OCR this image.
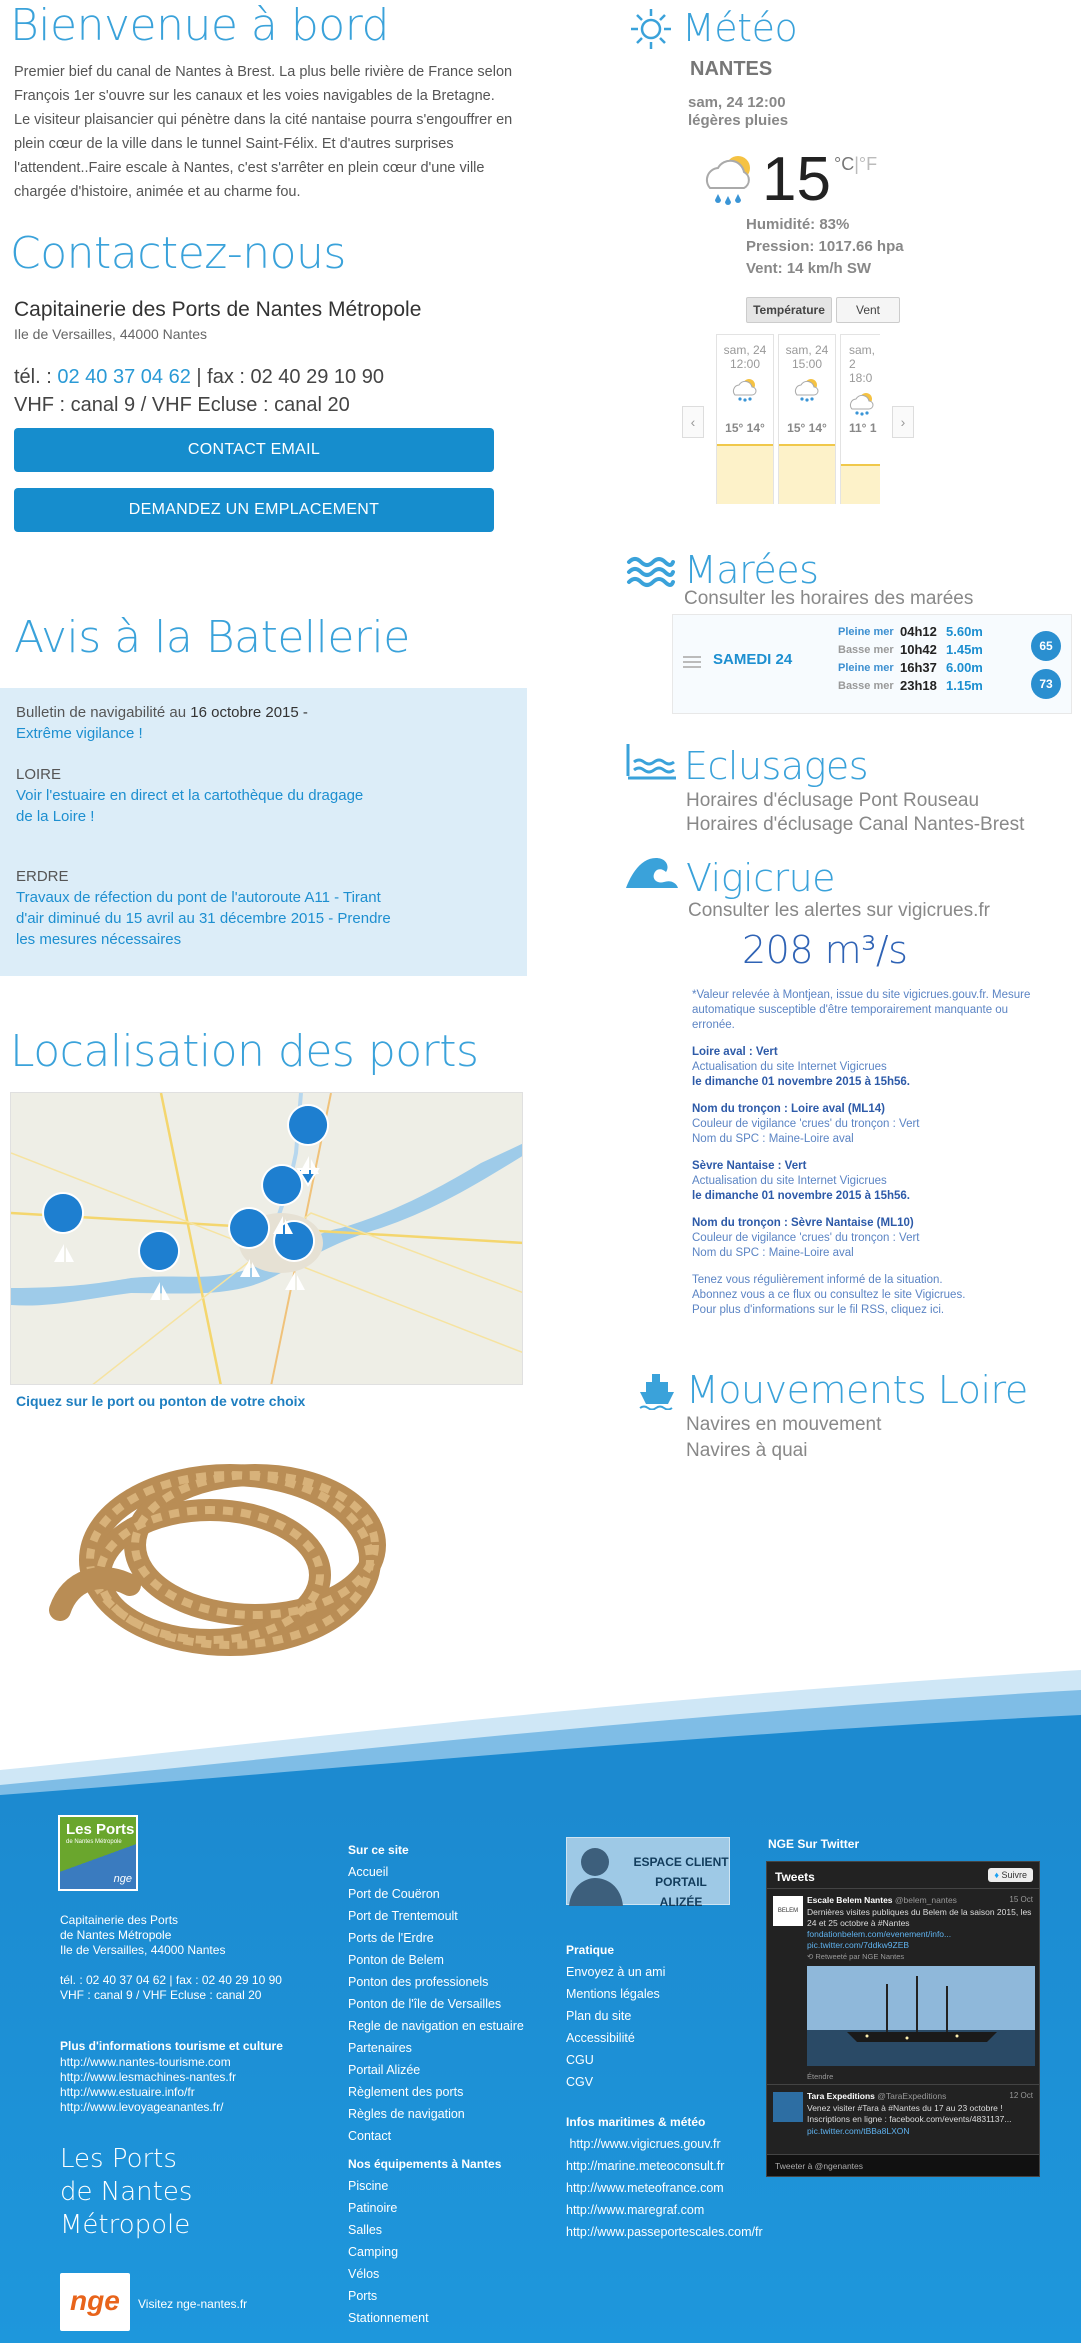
Bienvenue à bord
Premier bief du canal de Nantes à Brest. La plus belle rivière de France selon François 1er s'ouvre sur les canaux et les voies navigables de la Bretagne. Le visiteur plaisancier qui pénètre dans la cité nantaise pourra s'engouffrer en plein cœur de la ville dans le tunnel Saint-Félix. Et d'autres surprises l'attendent..Faire escale à Nantes, c'est s'arrêter en plein cœur d'une ville chargée d'histoire, animée et au charme fou.
Contactez-nous
Capitainerie des Ports de Nantes Métropole
Ile de Versailles, 44000 Nantes
tél. : 02 40 37 04 62 | fax : 02 40 29 10 90
VHF : canal 9 / VHF Ecluse : canal 20
CONTACT EMAIL
DEMANDEZ UN EMPLACEMENT
Avis à la Batellerie
Bulletin de navigabilité au 16 octobre 2015 -
Extrême vigilance !
LOIRE
Voir l'estuaire en direct et la cartothèque du dragage de la Loire !
ERDRE
Travaux de réfection du pont de l'autoroute A11 - Tirant d'air diminué du 15 avril au 31 décembre 2015 - Prendre les mesures nécessaires
Localisation des ports
Ciquez sur le port ou ponton de votre choix
fotolia
Météo
NANTES
sam, 24 12:00
légères pluies
15 °C|°F
Humidité: 83%
Pression: 1017.66 hpa
Vent: 14 km/h SW
Température	Vent
‹	›
sam, 24
12:00
15° 14°
sam, 24
15:00
15° 14°
sam, 2
18:0
11° 1
Marées
Consulter les horaires des marées
SAMEDI 24
Pleine mer 04h12 5.60m
Basse mer 10h42 1.45m
Pleine mer 16h37 6.00m
Basse mer 23h18 1.15m
65
73
Eclusages
Horaires d'éclusage Pont Rouseau
Horaires d'éclusage Canal Nantes-Brest
Vigicrue
Consulter les alertes sur vigicrues.fr
208 m³/s

*Valeur relevée à Montjean, issue du site vigicrues.gouv.fr. Mesure automatique susceptible d'être temporairement manquante ou erronée.

Loire aval : Vert
Actualisation du site Internet Vigicrues
le dimanche 01 novembre 2015 à 15h56.

Nom du tronçon : Loire aval (ML14)
Couleur de vigilance 'crues' du tronçon : Vert
Nom du SPC : Maine-Loire aval

Sèvre Nantaise : Vert
Actualisation du site Internet Vigicrues
le dimanche 01 novembre 2015 à 15h56.

Nom du tronçon : Sèvre Nantaise (ML10)
Couleur de vigilance 'crues' du tronçon : Vert
Nom du SPC : Maine-Loire aval

Tenez vous régulièrement informé de la situation.
Abonnez vous a ce flux ou consultez le site Vigicrues.
Pour plus d'informations sur le fil RSS, cliquez ici.

Mouvements Loire
Navires en mouvement
Navires à quai
Les Ports
de Nantes Métropole
nge
Capitainerie des Ports
de Nantes Métropole
Ile de Versailles, 44000 Nantes
tél. : 02 40 37 04 62 | fax : 02 40 29 10 90
VHF : canal 9 / VHF Ecluse : canal 20
Plus d'informations tourisme et culture
http://www.nantes-tourisme.com
http://www.lesmachines-nantes.fr
http://www.estuaire.info/fr
http://www.levoyageanantes.fr/
Les Ports
de Nantes
Métropole
nge Visitez nge-nantes.fr
Sur ce site
Accueil
Port de Couëron
Port de Trentemoult
Ports de l'Erdre
Ponton de Belem
Ponton des professionels
Ponton de l'île de Versailles
Regle de navigation en estuaire
Partenaires
Portail Alizée
Règlement des ports
Règles de navigation
Contact
Nos équipements à Nantes
Piscine
Patinoire
Salles
Camping
Vélos
Ports
Stationnement
ESPACE CLIENT PORTAIL ALIZÉE
Pratique
Envoyez à un ami
Mentions légales
Plan du site
Accessibilité
CGU
CGV
Infos maritimes & météo
http://www.vigicrues.gouv.fr
http://marine.meteoconsult.fr
http://www.meteofrance.com
http://www.maregraf.com
http://www.passeportescales.com/fr
NGE Sur Twitter
Tweets	♦ Suivre
BELEM
Escale Belem Nantes @belem_nantes	15 Oct
Dernières visites publiques du Belem de la saison 2015, les 24 et 25 octobre à #Nantes
fondationbelem.com/evenement/info...
pic.twitter.com/7ddkw9ZEB
⟲ Retweeté par NGE Nantes
Étendre
Tara Expeditions @TaraExpeditions	12 Oct
Venez visiter #Tara à #Nantes du 17 au 23 octobre ! Inscriptions en ligne : facebook.com/events/4831137...
pic.twitter.com/tBBa8LXON
Tweeter à @ngenantes
